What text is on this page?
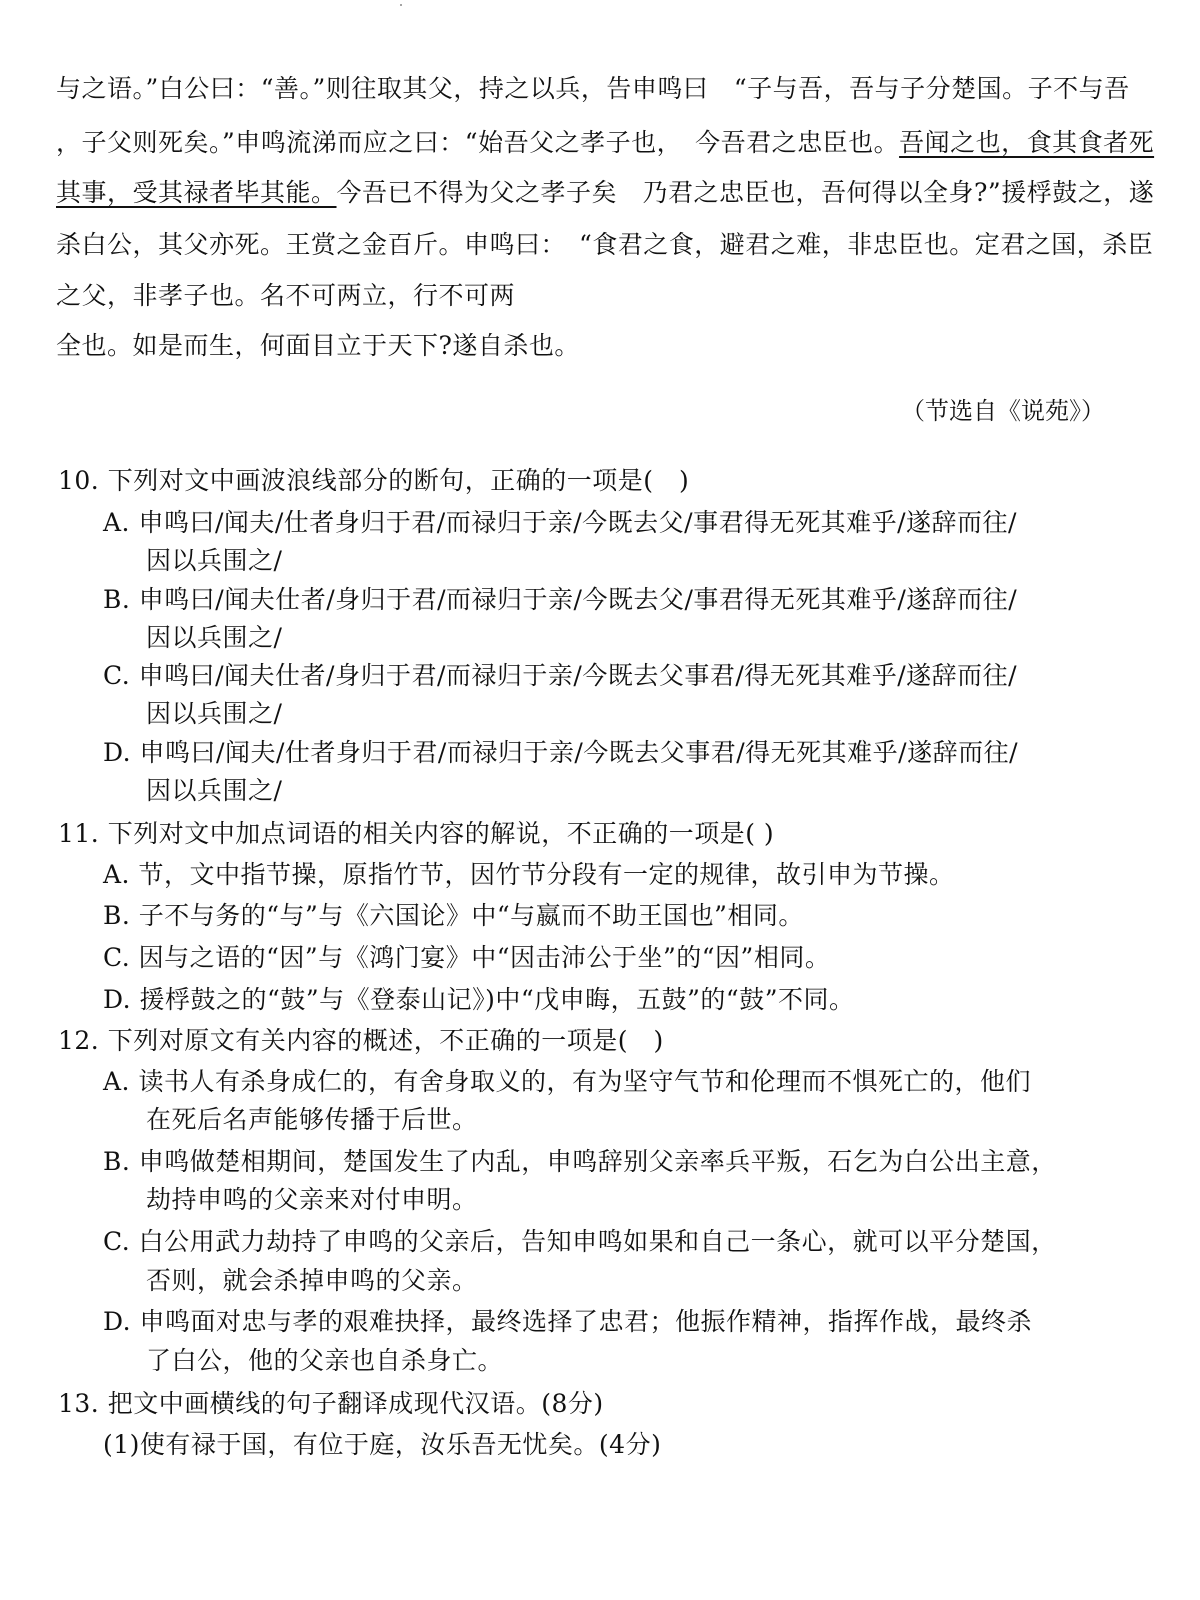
与之语。”白公曰：“善。”则往取其父，持之以兵，告申鸣曰　“子与吾，吾与子分楚国。子不与吾
，子父则死矣。”申鸣流涕而应之曰：“始吾父之孝子也，　今吾君之忠臣也。吾闻之也，食其食者死
其事，受其禄者毕其能。今吾已不得为父之孝子矣　乃君之忠臣也，吾何得以全身?”援桴鼓之，遂
杀白公，其父亦死。王赏之金百斤。申鸣曰：　“食君之食，避君之难，非忠臣也。定君之国，杀臣
之父，非孝子也。名不可两立，行不可两
全也。如是而生，何面目立于天下?遂自杀也。
（节选自《说苑》）
10. 下列对文中画波浪线部分的断句，正确的一项是(　)
A. 申鸣曰/闻夫/仕者身归于君/而禄归于亲/今既去父/事君得无死其难乎/遂辞而往/
因以兵围之/
B. 申鸣曰/闻夫仕者/身归于君/而禄归于亲/今既去父/事君得无死其难乎/遂辞而往/
因以兵围之/
C. 申鸣曰/闻夫仕者/身归于君/而禄归于亲/今既去父事君/得无死其难乎/遂辞而往/
因以兵围之/
D. 申鸣曰/闻夫/仕者身归于君/而禄归于亲/今既去父事君/得无死其难乎/遂辞而往/
因以兵围之/
11. 下列对文中加点词语的相关内容的解说，不正确的一项是( )
A. 节，文中指节操，原指竹节，因竹节分段有一定的规律，故引申为节操。
B. 子不与务的“与”与《六国论》中“与嬴而不助王国也”相同。
C. 因与之语的“因”与《鸿门宴》中“因击沛公于坐”的“因”相同。
D. 援桴鼓之的“鼓”与《登泰山记》)中“戊申晦，五鼓”的“鼓”不同。
12. 下列对原文有关内容的概述，不正确的一项是(　)
A. 读书人有杀身成仁的，有舍身取义的，有为坚守气节和伦理而不惧死亡的，他们
在死后名声能够传播于后世。
B. 申鸣做楚相期间，楚国发生了内乱，申鸣辞别父亲率兵平叛，石乞为白公出主意，
劫持申鸣的父亲来对付申明。
C. 白公用武力劫持了申鸣的父亲后，告知申鸣如果和自己一条心，就可以平分楚国，
否则，就会杀掉申鸣的父亲。
D. 申鸣面对忠与孝的艰难抉择，最终选择了忠君；他振作精神，指挥作战，最终杀
了白公，他的父亲也自杀身亡。
13. 把文中画横线的句子翻译成现代汉语。(8分)
(1)使有禄于国，有位于庭，汝乐吾无忧矣。(4分)
